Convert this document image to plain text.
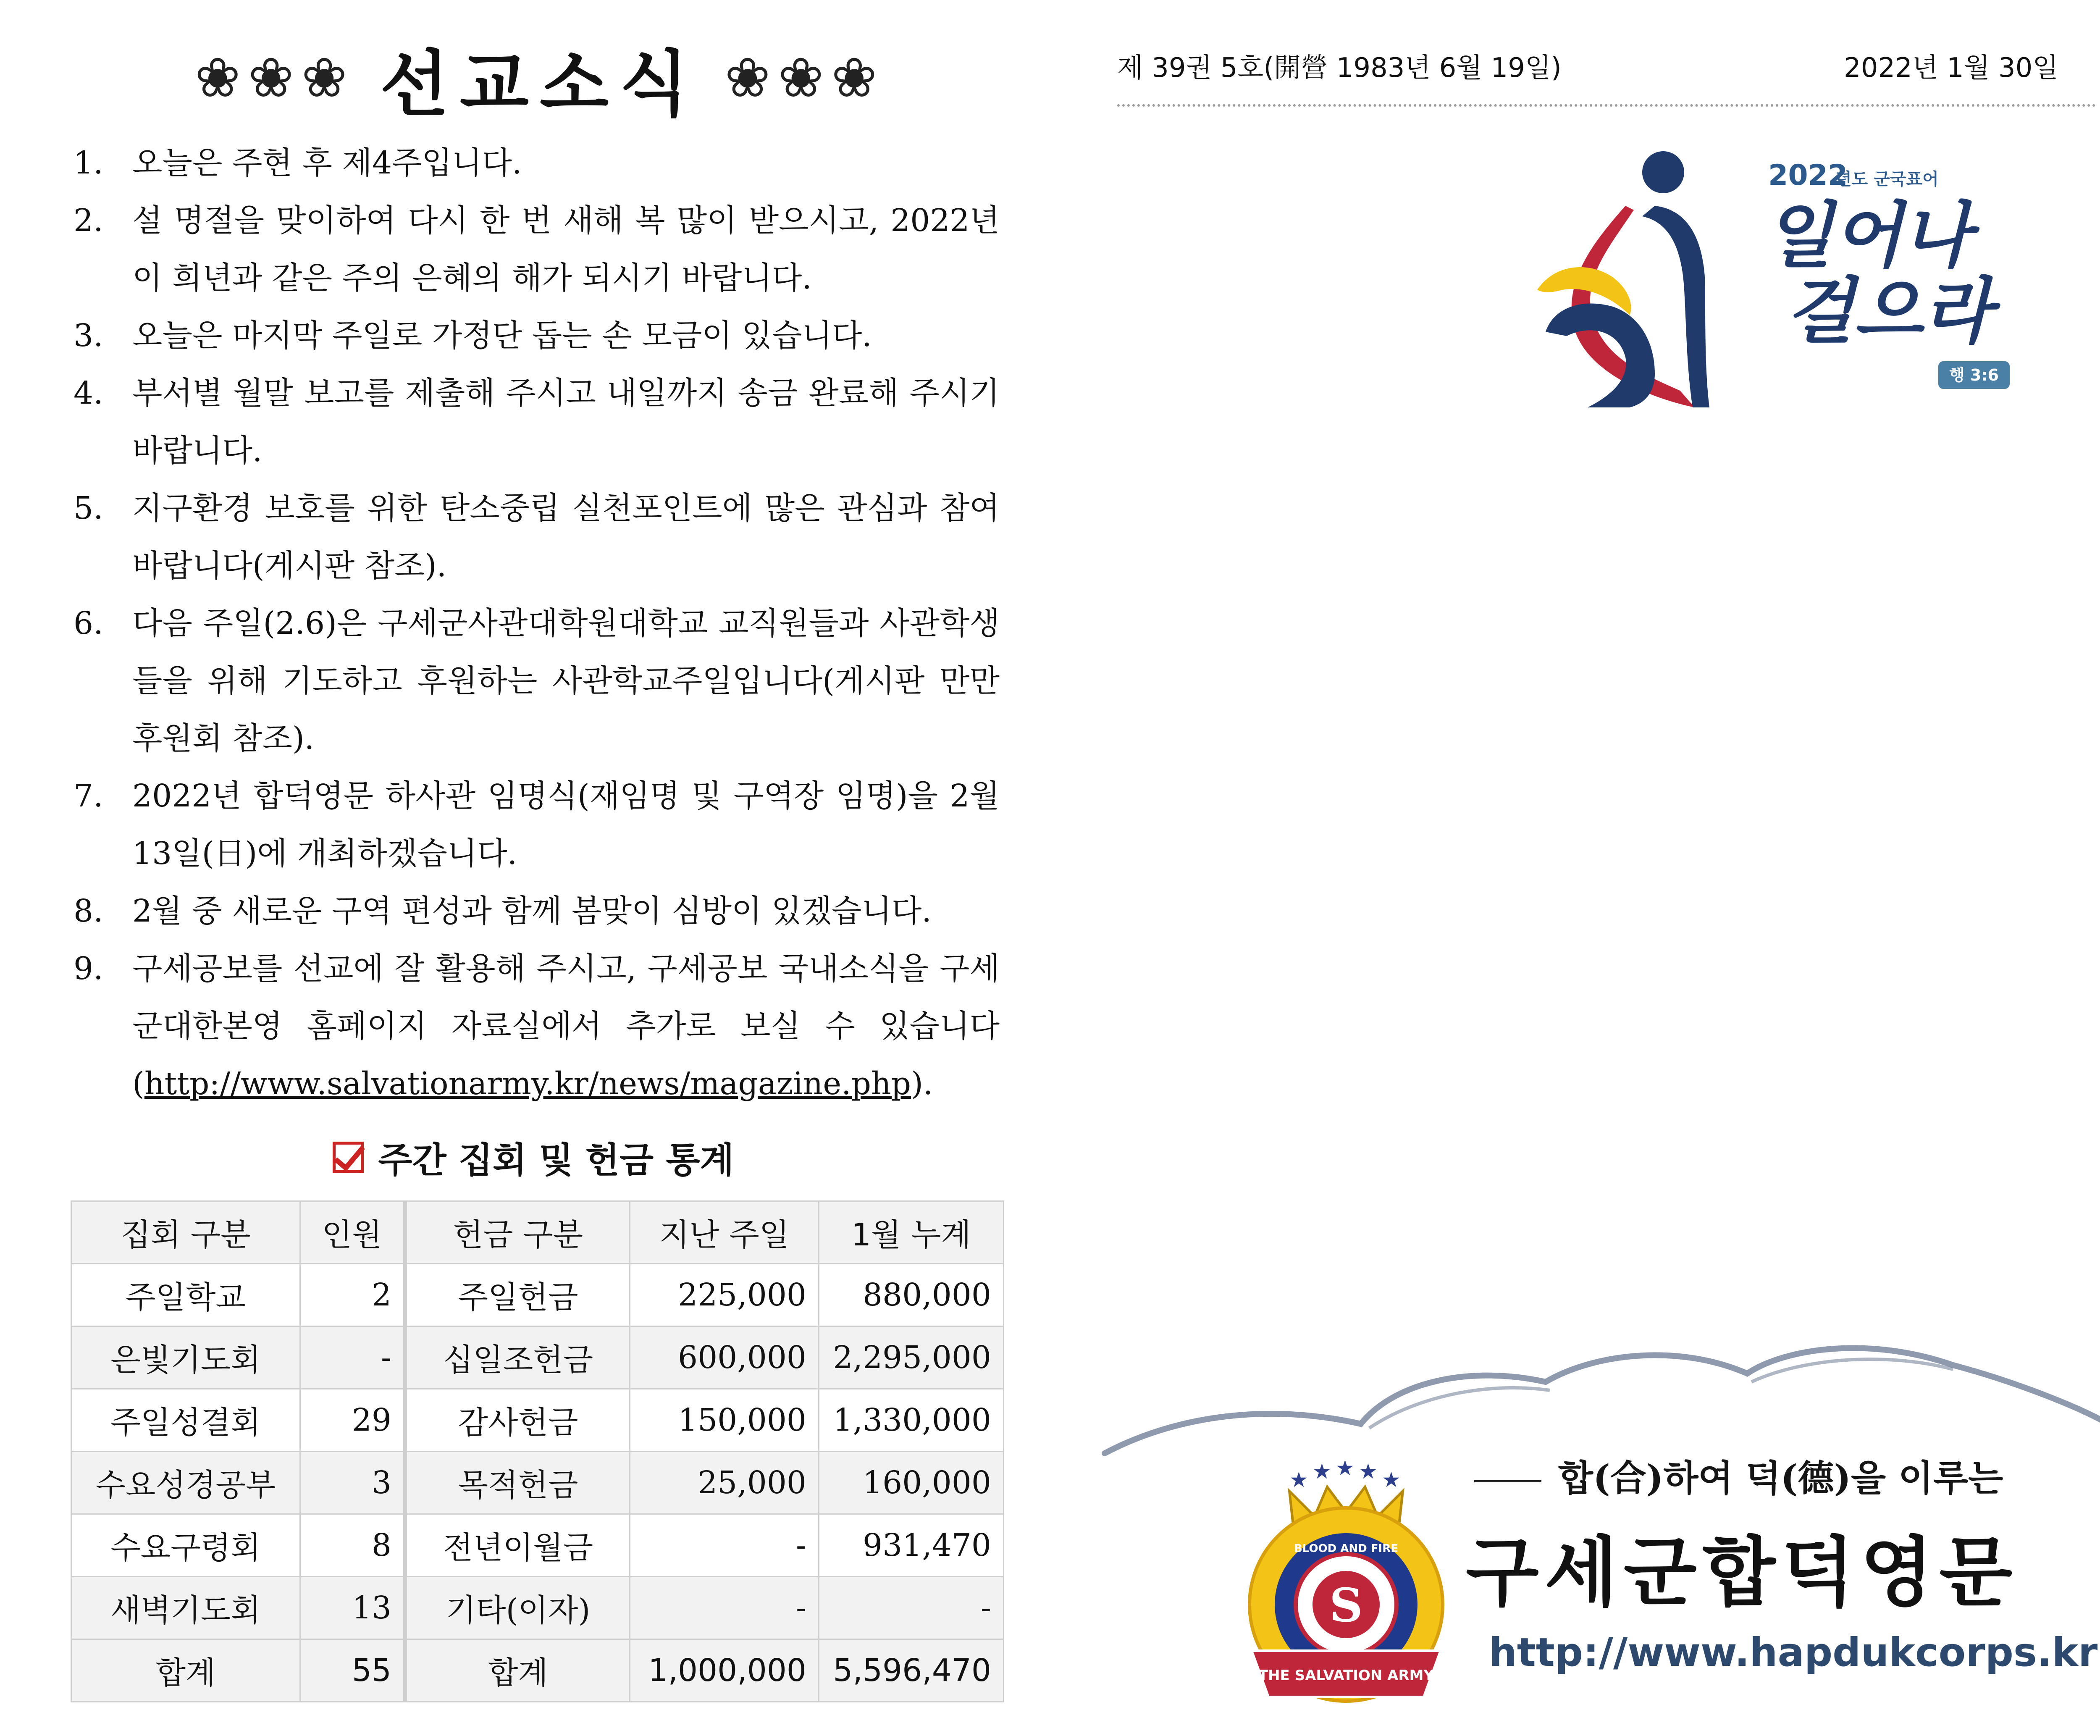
❀❀❀ 선교소식 ❀❀❀
1. 오늘은 주현 후 제4주입니다.
2. 설 명절을 맞이하여 다시 한 번 새해 복 많이 받으시고, 2022년이 희년과 같은 주의 은혜의 해가 되시기 바랍니다.
3. 오늘은 마지막 주일로 가정단 돕는 손 모금이 있습니다.
4. 부서별 월말 보고를 제출해 주시고 내일까지 송금 완료해 주시기 바랍니다.
5. 지구환경 보호를 위한 탄소중립 실천포인트에 많은 관심과 참여 바랍니다(게시판 참조).
6. 다음 주일(2.6)은 구세군사관대학원대학교 교직원들과 사관학생들을 위해 기도하고 후원하는 사관학교주일입니다(게시판 만만후원회 참조).
7. 2022년 합덕영문 하사관 임명식(재임명 및 구역장 임명)을 2월 13일(日)에 개최하겠습니다.
8. 2월 중 새로운 구역 편성과 함께 봄맞이 심방이 있겠습니다.
9. 구세공보를 선교에 잘 활용해 주시고, 구세공보 국내소식을 구세군대한본영 홈페이지 자료실에서 추가로 보실 수 있습니다(http://www.salvationarmy.kr/news/magazine.php).
주간 집회 및 헌금 통계
집회 구분	인원	헌금 구분	지난 주일	1월 누계
주일학교	2	주일헌금	225,000	880,000
은빛기도회	-	십일조헌금	600,000	2,295,000
주일성결회	29	감사헌금	150,000	1,330,000
수요성경공부	3	목적헌금	25,000	160,000
수요구령회	8	전년이월금	-	931,470
새벽기도회	13	기타(이자)	-	-
합계	55	합계	1,000,000	5,596,470
제 39권 5호(開營 1983년 6월 19일)	2022년 1월 30일
2022
년도 군국표어
일어나
걸으라
행 3:6
★ ★ ★ ★ ★
S
BLOOD AND FIRE
THE SALVATION ARMY
합(合)하여 덕(德)을 이루는
구세군합덕영문
http://www.hapdukcorps.kr
